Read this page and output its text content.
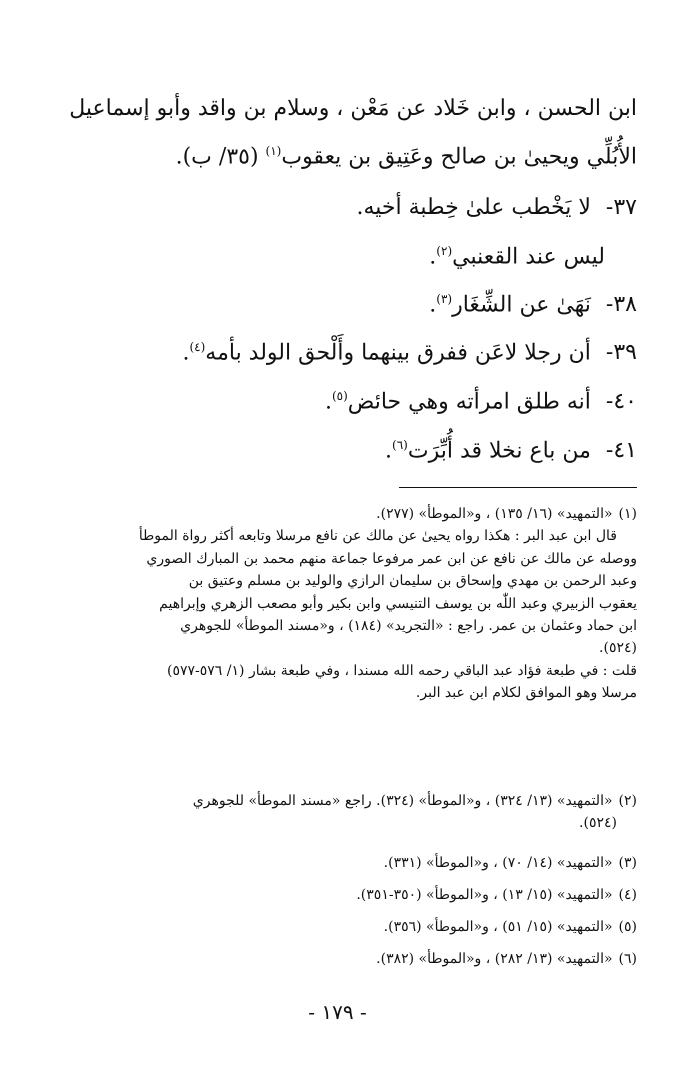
ابن الحسن ، وابن خَلاد عن مَعْن ، وسلام بن واقد وأبو إسماعيل
الأُبُلِّي ويحيىٰ بن صالح وعَتِيق بن يعقوب$^{(١)}$ (٣٥/ ب).
٣٧- لا يَخْطب علىٰ خِطبة أخيه.
ليس عند القعنبي$^{(٢)}$.
٣٨- نَهَىٰ عن الشِّغَار$^{(٣)}$.
٣٩- أن رجلا لاعَن ففرق بينهما وأَلْحق الولد بأمه$^{(٤)}$.
٤٠- أنه طلق امرأته وهي حائض$^{(٥)}$.
٤١- من باع نخلا قد أُبِّرَت$^{(٦)}$.
(١)«التمهيد» (١٦/ ١٣٥) ، و«الموطأ» (٢٧٧).
قال ابن عبد البر : هكذا رواه يحيىٰ عن مالك عن نافع مرسلا وتابعه أكثر رواة الموطأ
ووصله عن مالك عن نافع عن ابن عمر مرفوعا جماعة منهم محمد بن المبارك الصوري
وعبد الرحمن بن مهدي وإسحاق بن سليمان الرازي والوليد بن مسلم وعتيق بن
يعقوب الزبيري وعبد اللّٰه بن يوسف التنيسي وابن بكير وأبو مصعب الزهري وإبراهيم
ابن حماد وعثمان بن عمر. راجع : «التجريد» (١٨٤) ، و«مسند الموطأ» للجوهري
(٥٢٤).
قلت : في طبعة فؤاد عبد الباقي رحمه الله مسندا ، وفي طبعة بشار (١/ ٥٧٦-٥٧٧)
مرسلا وهو الموافق لكلام ابن عبد البر.
(٢)«التمهيد» (١٣/ ٣٢٤) ، و«الموطأ» (٣٢٤). راجع «مسند الموطأ» للجوهري
(٥٢٤).
(٣)«التمهيد» (١٤/ ٧٠) ، و«الموطأ» (٣٣١).
(٤)«التمهيد» (١٥/ ١٣) ، و«الموطأ» (٣٥٠-٣٥١).
(٥)«التمهيد» (١٥/ ٥١) ، و«الموطأ» (٣٥٦).
(٦)«التمهيد» (١٣/ ٢٨٢) ، و«الموطأ» (٣٨٢).
- ١٧٩ -
